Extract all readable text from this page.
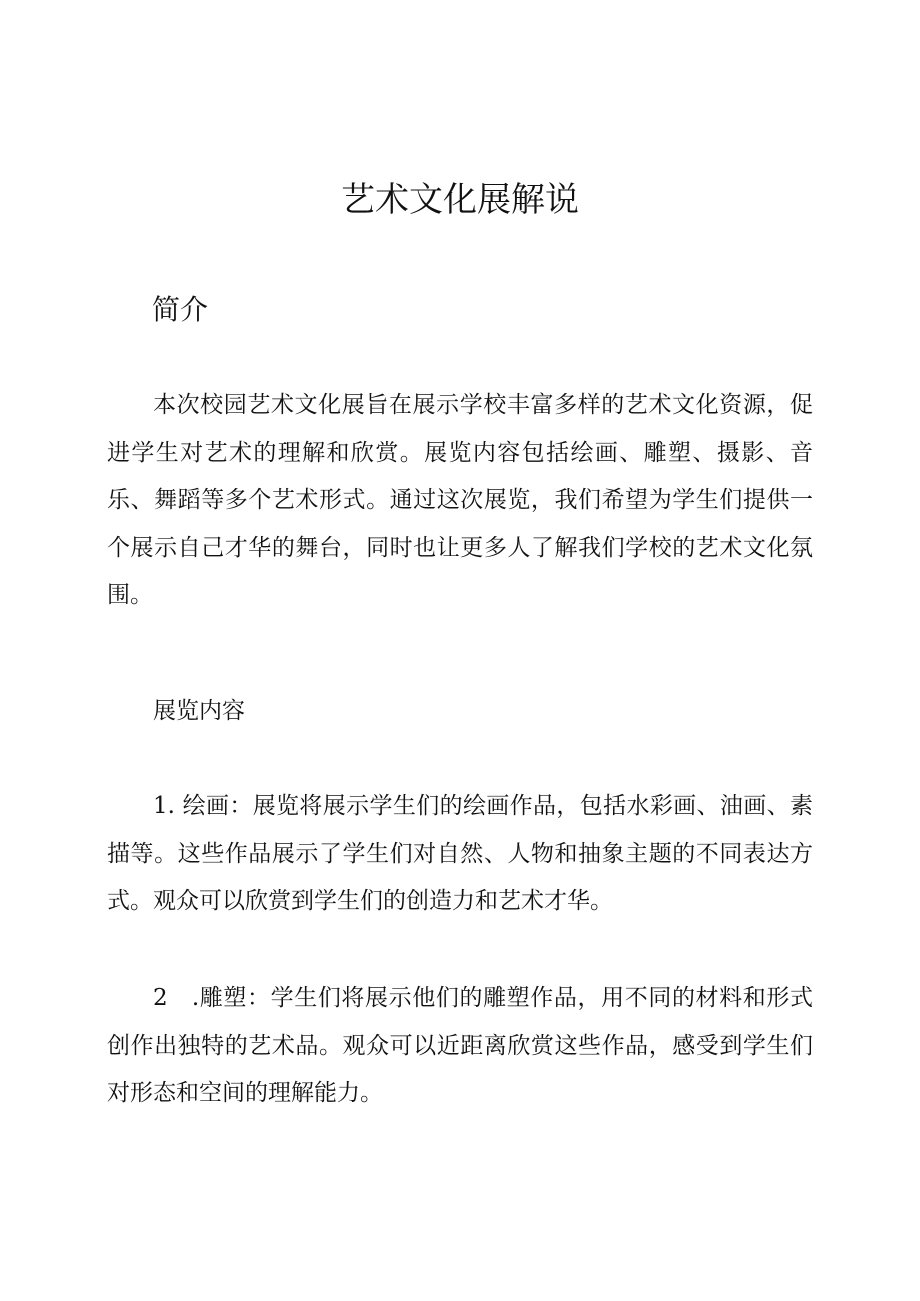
艺术文化展解说
简介

本次校园艺术文化展旨在展示学校丰富多样的艺术文化资源，促进学生对艺术的理解和欣赏。展览内容包括绘画、雕塑、摄影、音乐、舞蹈等多个艺术形式。通过这次展览，我们希望为学生们提供一个展示自己才华的舞台，同时也让更多人了解我们学校的艺术文化氛围。

展览内容

1. 绘画：展览将展示学生们的绘画作品，包括水彩画、油画、素描等。这些作品展示了学生们对自然、人物和抽象主题的不同表达方式。观众可以欣赏到学生们的创造力和艺术才华。

2　.雕塑：学生们将展示他们的雕塑作品，用不同的材料和形式创作出独特的艺术品。观众可以近距离欣赏这些作品，感受到学生们对形态和空间的理解能力。
